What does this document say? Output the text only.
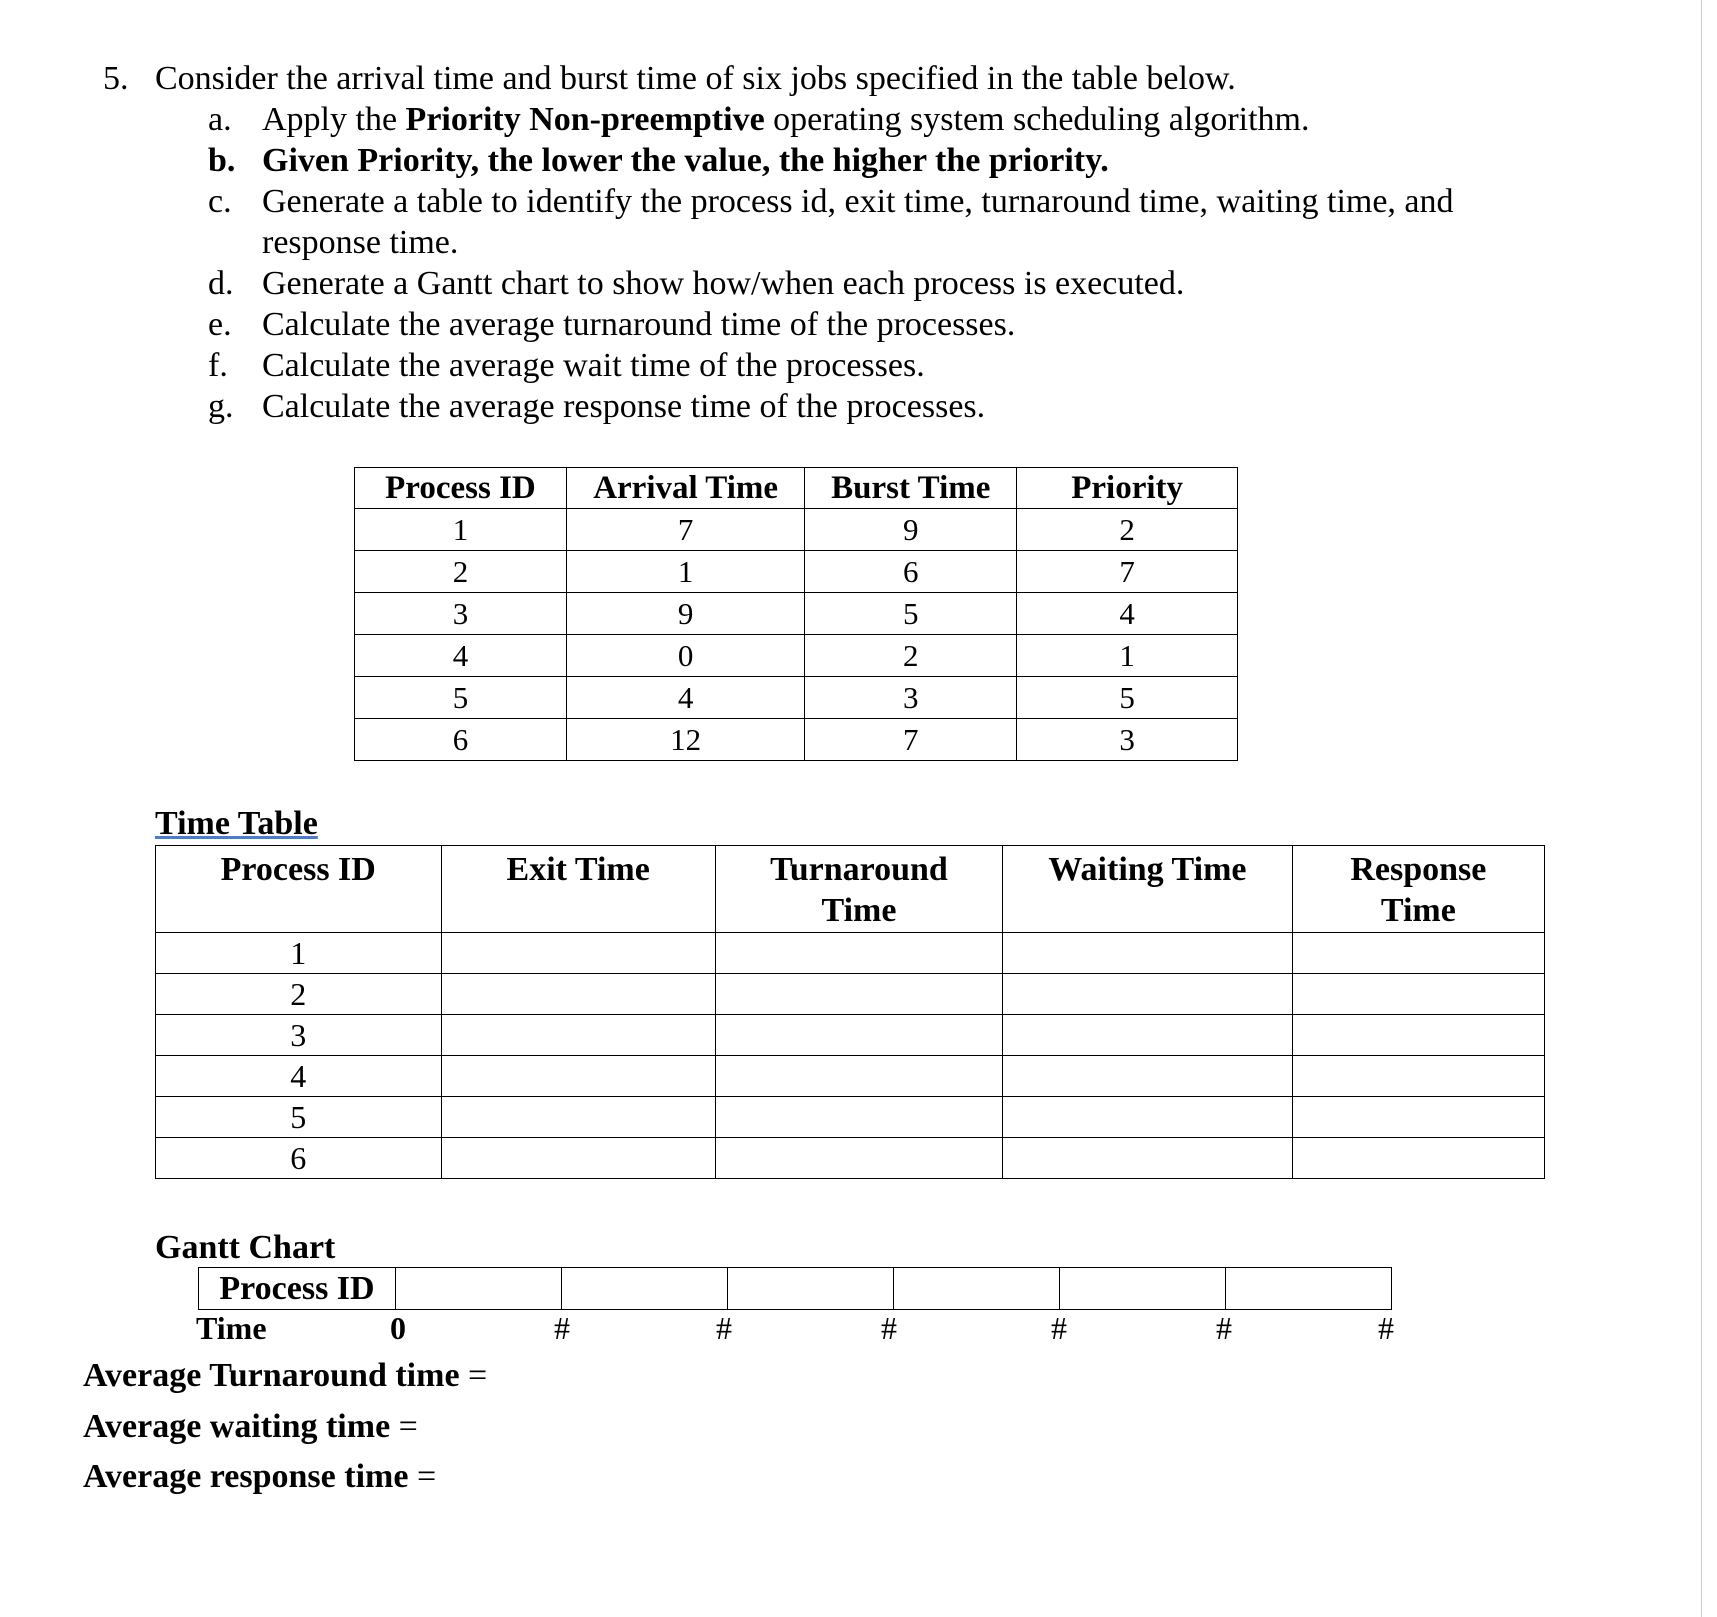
5. Consider the arrival time and burst time of six jobs specified in the table below.
a. Apply the Priority Non-preemptive operating system scheduling algorithm.
b. Given Priority, the lower the value, the higher the priority.
c. Generate a table to identify the process id, exit time, turnaround time, waiting time, and response time.
d. Generate a Gantt chart to show how/when each process is executed.
e. Calculate the average turnaround time of the processes.
f.	Calculate the average wait time of the processes.
g. Calculate the average response time of the processes.
Process ID	Arrival Time	Burst Time	Priority
1	7	9	2
2	1	6	7
3	9	5	4
4	0	2	1
5	4	3	5
6	12	7	3
Time Table
Process ID	Exit Time	Turnaround Time	Waiting Time	Response Time
1				
2				
3				
4				
5				
6				
Gantt Chart
Process ID						
Time	0	#	#	#	#	#	#
Average Turnaround time =
Average waiting time =
Average response time =
